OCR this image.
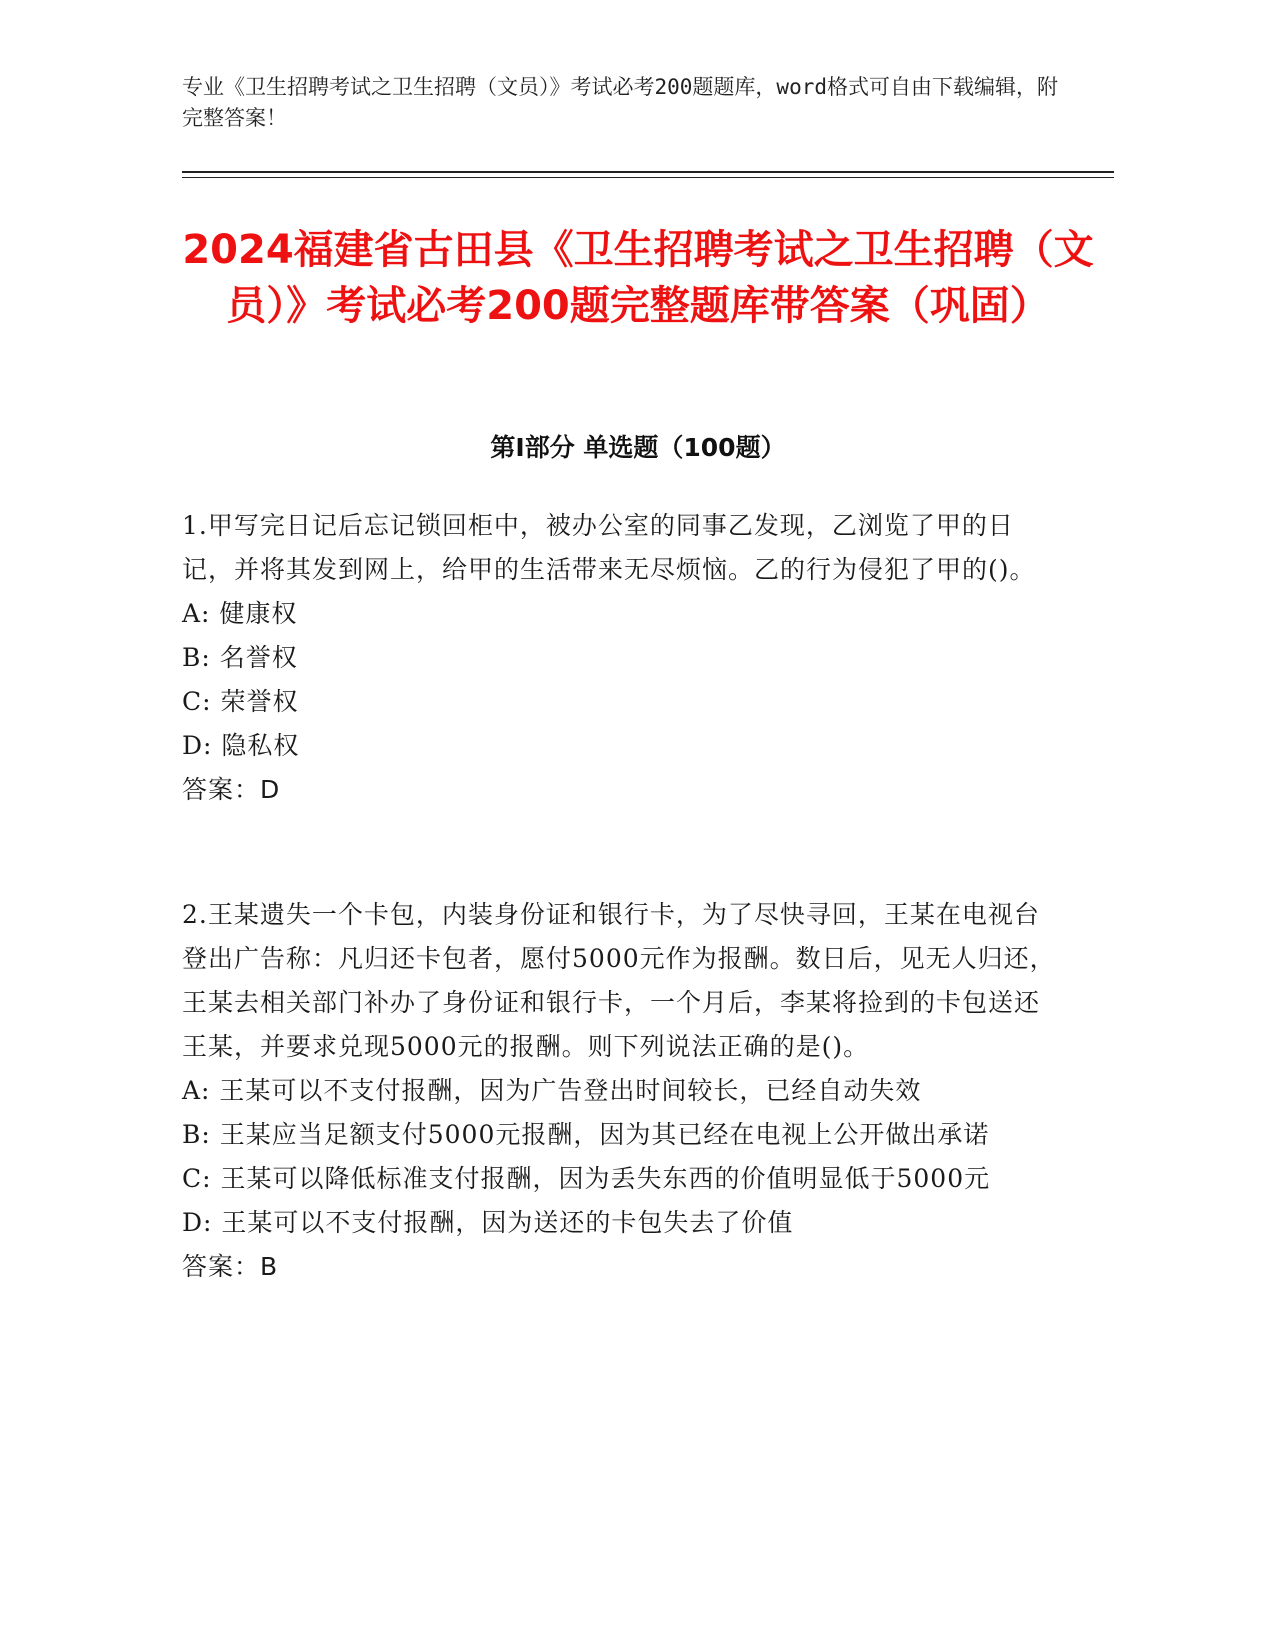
专业《卫生招聘考试之卫生招聘（文员）》考试必考200题题库，word格式可自由下载编辑，附完整答案！
2024福建省古田县《卫生招聘考试之卫生招聘（文员）》考试必考200题完整题库带答案（巩固）
第I部分 单选题（100题）

1.甲写完日记后忘记锁回柜中，被办公室的同事乙发现，乙浏览了甲的日记，并将其发到网上，给甲的生活带来无尽烦恼。乙的行为侵犯了甲的()。

A: 健康权

B: 名誉权

C: 荣誉权

D: 隐私权

答案：D

2.王某遗失一个卡包，内装身份证和银行卡，为了尽快寻回，王某在电视台登出广告称：凡归还卡包者，愿付5000元作为报酬。数日后，见无人归还，王某去相关部门补办了身份证和银行卡，一个月后，李某将捡到的卡包送还王某，并要求兑现5000元的报酬。则下列说法正确的是()。

A: 王某可以不支付报酬，因为广告登出时间较长，已经自动失效

B: 王某应当足额支付5000元报酬，因为其已经在电视上公开做出承诺

C: 王某可以降低标准支付报酬，因为丢失东西的价值明显低于5000元

D: 王某可以不支付报酬，因为送还的卡包失去了价值

答案：B
